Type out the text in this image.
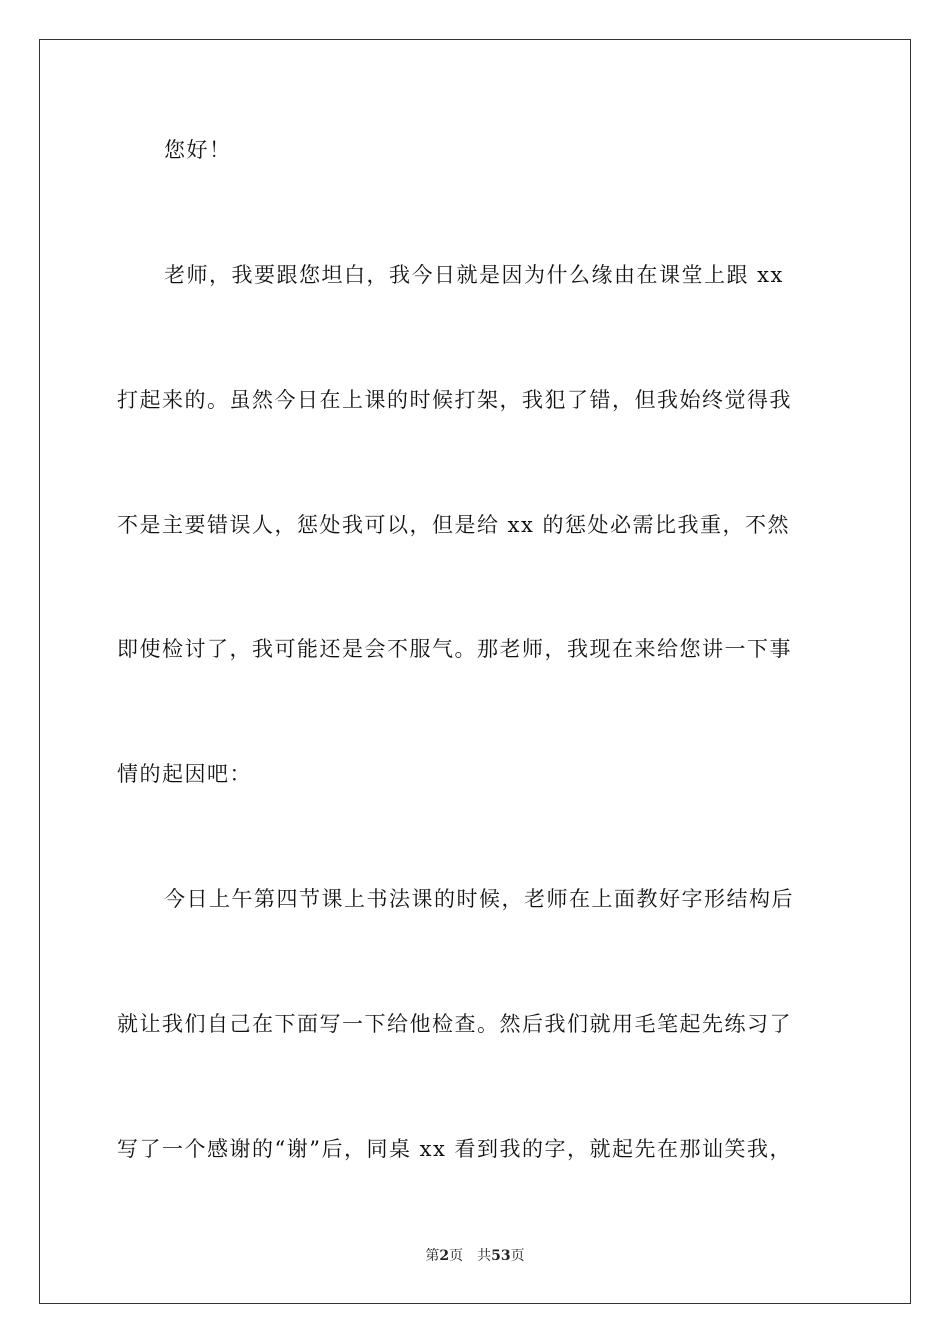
您好！
老师，我要跟您坦白，我今日就是因为什么缘由在课堂上跟 xx
打起来的。虽然今日在上课的时候打架，我犯了错，但我始终觉得我
不是主要错误人，惩处我可以，但是给 xx 的惩处必需比我重，不然
即使检讨了，我可能还是会不服气。那老师，我现在来给您讲一下事
情的起因吧：
今日上午第四节课上书法课的时候，老师在上面教好字形结构后
就让我们自己在下面写一下给他检查。然后我们就用毛笔起先练习了
写了一个感谢的“谢”后，同桌 xx 看到我的字，就起先在那讪笑我，
第2页 共53页
